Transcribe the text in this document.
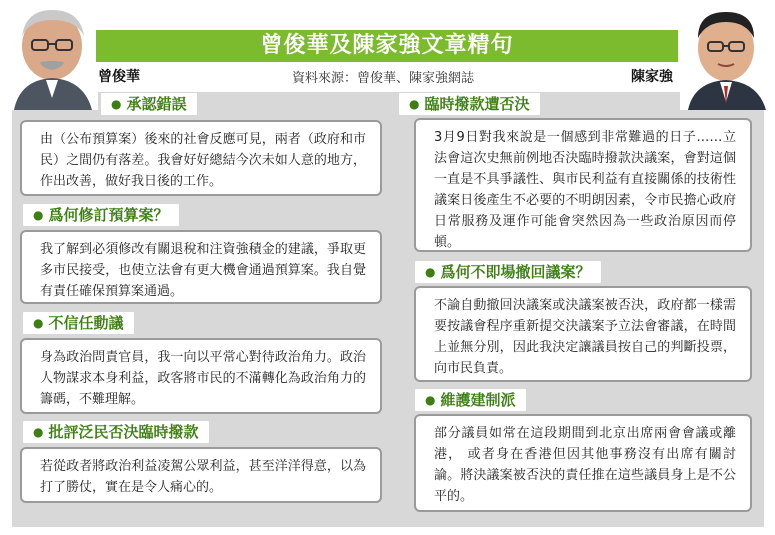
曾俊華及陳家強文章精句
曾俊華	資料來源：曾俊華、陳家強網誌	陳家強
● 承認錯誤
由（公布預算案）後來的社會反應可見，兩者（政府和市民）之間仍有落差。我會好好總結今次未如人意的地方，作出改善，做好我日後的工作。
● 爲何修訂預算案？
我了解到必須修改有關退稅和注資強積金的建議，爭取更多市民接受，也使立法會有更大機會通過預算案。我自覺有責任確保預算案通過。
● 不信任動議
身為政治問責官員，我一向以平常心對待政治角力。政治人物謀求本身利益，政客將市民的不滿轉化為政治角力的籌碼，不難理解。
● 批評泛民否決臨時撥款
若從政者將政治利益凌駕公眾利益，甚至洋洋得意，以為打了勝仗，實在是令人痛心的。
● 臨時撥款遭否決
3月9日對我來說是一個感到非常難過的日子……立法會這次史無前例地否決臨時撥款決議案，會對這個一直是不具爭議性、與市民利益有直接關係的技術性議案日後產生不必要的不明朗因素，令市民擔心政府日常服務及運作可能會突然因為一些政治原因而停頓。
● 爲何不即場撤回議案？
不論自動撤回決議案或決議案被否決，政府都一樣需要按議會程序重新提交決議案予立法會審議，在時間上並無分別，因此我決定讓議員按自己的判斷投票，向市民負責。
● 維護建制派
部分議員如常在這段期間到北京出席兩會會議或離港， 或者身在香港但因其他事務沒有出席有關討論。將決議案被否決的責任推在這些議員身上是不公平的。
